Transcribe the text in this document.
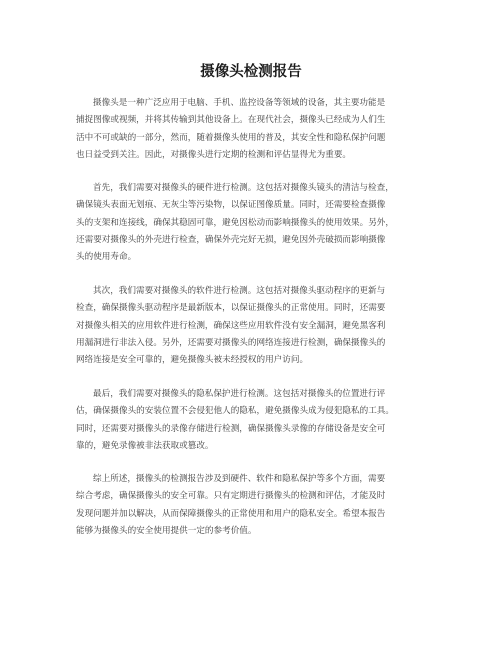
摄像头检测报告

摄像头是一种广泛应用于电脑、手机、监控设备等领域的设备，其主要功能是
捕捉图像或视频，并将其传输到其他设备上。在现代社会，摄像头已经成为人们生
活中不可或缺的一部分，然而，随着摄像头使用的普及，其安全性和隐私保护问题
也日益受到关注。因此，对摄像头进行定期的检测和评估显得尤为重要。

首先，我们需要对摄像头的硬件进行检测。这包括对摄像头镜头的清洁与检查，
确保镜头表面无划痕、无灰尘等污染物，以保证图像质量。同时，还需要检查摄像
头的支架和连接线，确保其稳固可靠，避免因松动而影响摄像头的使用效果。另外，
还需要对摄像头的外壳进行检查，确保外壳完好无损，避免因外壳破损而影响摄像
头的使用寿命。

其次，我们需要对摄像头的软件进行检测。这包括对摄像头驱动程序的更新与
检查，确保摄像头驱动程序是最新版本，以保证摄像头的正常使用。同时，还需要
对摄像头相关的应用软件进行检测，确保这些应用软件没有安全漏洞，避免黑客利
用漏洞进行非法入侵。另外，还需要对摄像头的网络连接进行检测，确保摄像头的
网络连接是安全可靠的，避免摄像头被未经授权的用户访问。

最后，我们需要对摄像头的隐私保护进行检测。这包括对摄像头的位置进行评
估，确保摄像头的安装位置不会侵犯他人的隐私，避免摄像头成为侵犯隐私的工具。
同时，还需要对摄像头的录像存储进行检测，确保摄像头录像的存储设备是安全可
靠的，避免录像被非法获取或篡改。

综上所述，摄像头的检测报告涉及到硬件、软件和隐私保护等多个方面，需要
综合考虑，确保摄像头的安全可靠。只有定期进行摄像头的检测和评估，才能及时
发现问题并加以解决，从而保障摄像头的正常使用和用户的隐私安全。希望本报告
能够为摄像头的安全使用提供一定的参考价值。
